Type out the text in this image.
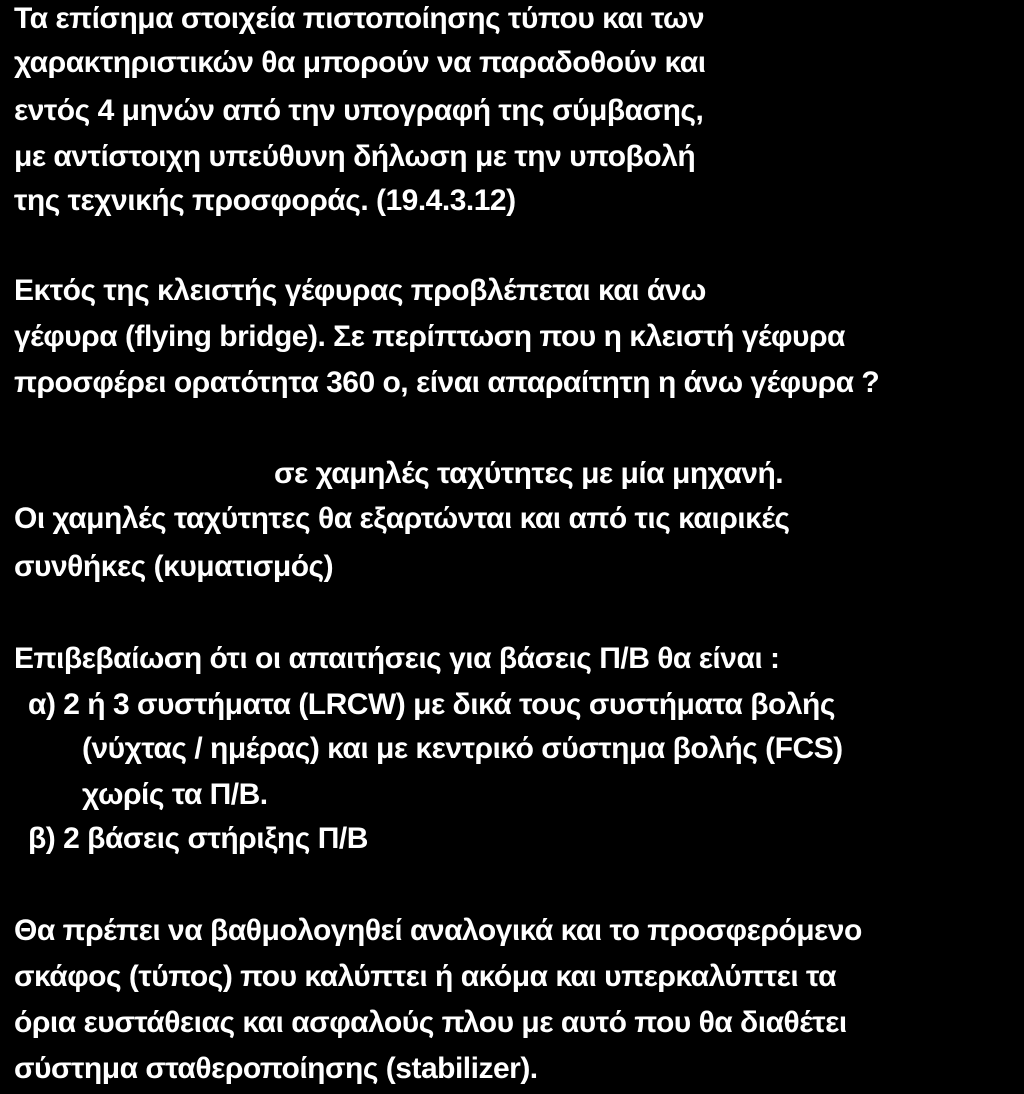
Τα επίσημα στοιχεία πιστοποίησης τύπου και των
χαρακτηριστικών θα μπορούν να παραδοθούν και
εντός 4 μηνών από την υπογραφή της σύμβασης,
με αντίστοιχη υπεύθυνη δήλωση με την υποβολή
της τεχνικής προσφοράς. (19.4.3.12)
Εκτός της κλειστής γέφυρας προβλέπεται και άνω
γέφυρα (flying bridge). Σε περίπτωση που η κλειστή γέφυρα
προσφέρει ορατότητα 360 ο, είναι απαραίτητη η άνω γέφυρα ?
σε χαμηλές ταχύτητες με μία μηχανή.
Οι χαμηλές ταχύτητες θα εξαρτώνται και από τις καιρικές
συνθήκες (κυματισμός)
Επιβεβαίωση ότι οι απαιτήσεις για βάσεις Π/Β θα είναι :
α) 2 ή 3 συστήματα (LRCW) με δικά τους συστήματα βολής
(νύχτας / ημέρας) και με κεντρικό σύστημα βολής (FCS)
χωρίς τα Π/Β.
β) 2 βάσεις στήριξης Π/Β
Θα πρέπει να βαθμολογηθεί αναλογικά και το προσφερόμενο
σκάφος (τύπος) που καλύπτει ή ακόμα και υπερκαλύπτει τα
όρια ευστάθειας και ασφαλούς πλου με αυτό που θα διαθέτει
σύστημα σταθεροποίησης (stabilizer).
